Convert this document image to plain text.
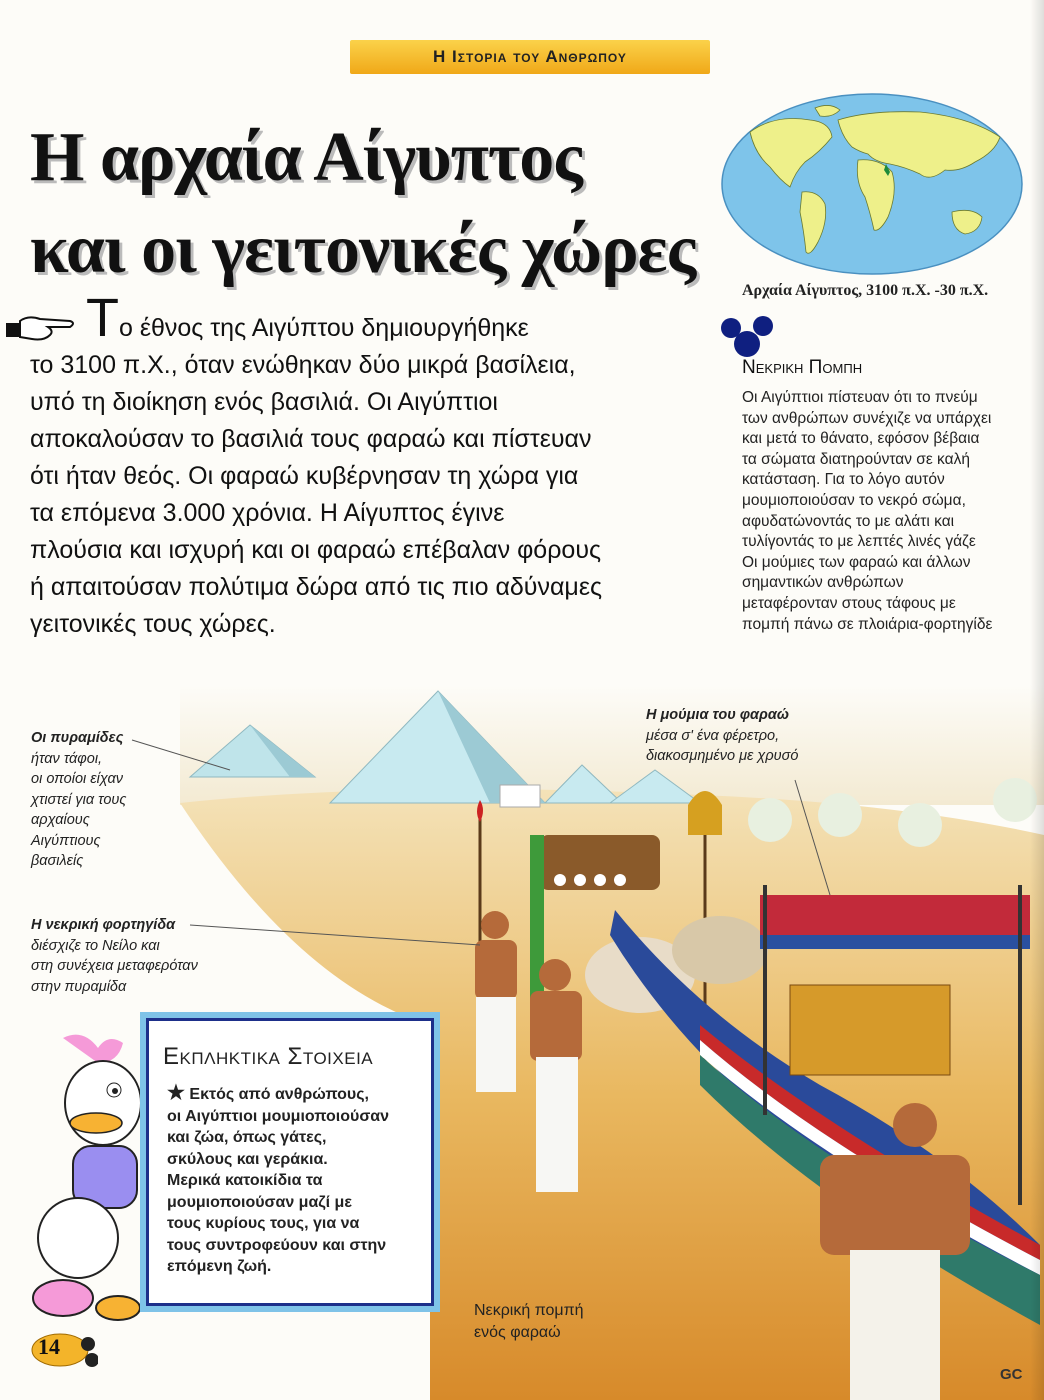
Η Ιστορια του Ανθρωπου
Η αρχαία Αίγυπτος
και οι γειτονικές χώρες
Αρχαία Αίγυπτος, 3100 π.Χ. -30 π.Χ.
Το έθνος της Αιγύπτου δημιουργήθηκε
το 3100 π.Χ., όταν ενώθηκαν δύο μικρά βασίλεια,
υπό τη διοίκηση ενός βασιλιά. Οι Αιγύπτιοι
αποκαλούσαν το βασιλιά τους φαραώ και πίστευαν
ότι ήταν θεός. Οι φαραώ κυβέρνησαν τη χώρα για
τα επόμενα 3.000 χρόνια. Η Αίγυπτος έγινε
πλούσια και ισχυρή και οι φαραώ επέβαλαν φόρους
ή απαιτούσαν πολύτιμα δώρα από τις πιο αδύναμες
γειτονικές τους χώρες.
Νεκρικη Πομπη
Οι Αιγύπτιοι πίστευαν ότι το πνεύμ
των ανθρώπων συνέχιζε να υπάρχει
και μετά το θάνατο, εφόσον βέβαια
τα σώματα διατηρούνταν σε καλή
κατάσταση. Για το λόγο αυτόν
μουμιοποιούσαν το νεκρό σώμα,
αφυδατώνοντάς το με αλάτι και
τυλίγοντάς το με λεπτές λινές γάζε
Οι μούμιες των φαραώ και άλλων
σημαντικών ανθρώπων
μεταφέρονταν στους τάφους με
πομπή πάνω σε πλοιάρια-φορτηγίδε
Οι πυραμίδες
ήταν τάφοι,
οι οποίοι είχαν
χτιστεί για τους
αρχαίους
Αιγύπτιους
βασιλείς
Η νεκρική φορτηγίδα
διέσχιζε το Νείλο και
στη συνέχεια μεταφερόταν
στην πυραμίδα
Η μούμια του φαραώ
μέσα σ' ένα φέρετρο,
διακοσμημένο με χρυσό
Εκπληκτικα Στοιχεια
★ Εκτός από ανθρώπους,
οι Αιγύπτιοι μουμιοποιούσαν
και ζώα, όπως γάτες,
σκύλους και γεράκια.
Μερικά κατοικίδια τα
μουμιοποιούσαν μαζί με
τους κυρίους τους, για να
τους συντροφεύουν και στην
επόμενη ζωή.
Νεκρική πομπή
ενός φαραώ
14
GC
